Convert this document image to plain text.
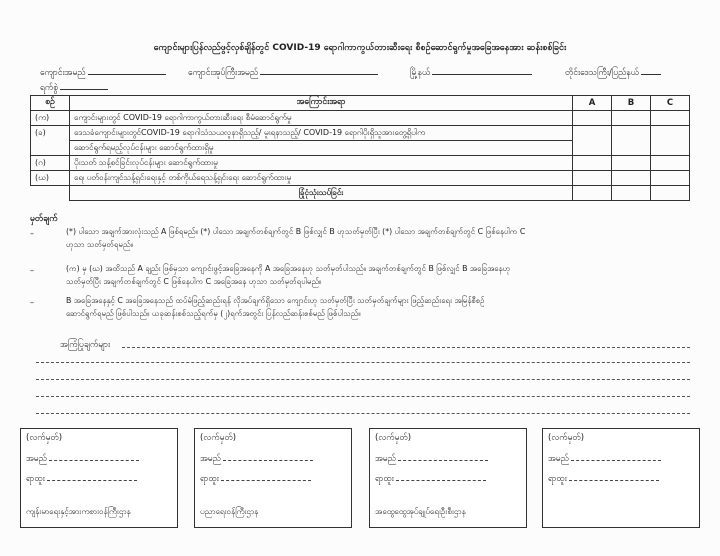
ကျောင်းများပြန်လည်ဖွင့်လှစ်ချိန်တွင် COVID-19 ရောဂါကာကွယ်တားဆီးရေး စီစဉ်ဆောင်ရွက်မှုအခြေအနေအား ဆန်းစစ်ခြင်း
ကျောင်းအမည်	ကျောင်းအုပ်ကြီးအမည်	မြို့နယ်	တိုင်းဒေသကြီး/ပြည်နယ်
ရက်စွဲ
စဉ်	အကြောင်းအရာ	A	B	C
(က)	ကျောင်းများတွင် COVID-19 ရောဂါကာကွယ်တားဆီးရေး စီမံဆောင်ရွက်မှု			
(ခ)	ဒေသခံကျောင်းများတွင်COVID-19 ရောဂါသံသယလူနာရှိသည့်/ မူးရနာသည့်/ COVID-19 ရောဂါပိုးရှိသူအားတွေ့ရှိပါက			
	ဆောင်ရွက်ရမည့်လုပ်ငန်းများ ဆောင်ရွက်ထားရှိမှု			
(ဂ)	ပိုးသတ် သန့်စင်ခြင်းလုပ်ငန်းများ ဆောင်ရွက်ထားမှု			
(ဃ)	ရေ၊ ပတ်ဝန်းကျင်သန့်ရှင်းရေးနှင့် တစ်ကိုယ်ရေသန့်ရှင်းရေး ဆောင်ရွက်ထားမှု			
	ခြုံငုံသုံးသပ်ခြင်း			
မှတ်ချက်
–	(*) ပါသော အချက်အားလုံးသည် A ဖြစ်ရမည်။ (*) ပါသော အချက်တစ်ချက်တွင် B ဖြစ်လျှင် B ဟုသတ်မှတ်ပြီး (*) ပါသော အချက်တစ်ချက်တွင် C ဖြစ်နေပါက C
ဟုသာ သတ်မှတ်ရမည်။
–	(က) မှ (ဃ) အထိသည် A ချည်း ဖြစ်မှသာ ကျောင်းဖွင့်အခြေအနေကို A အခြေအနေဟု သတ်မှတ်ပါသည်။ အချက်တစ်ချက်တွင် B ဖြစ်လျှင် B အခြေအနေဟု
သတ်မှတ်ပြီး အချက်တစ်ချက်တွင် C ဖြစ်နေပါက C အခြေအနေ ဟုသာ သတ်မှတ်ရပါမည်။
–	B အခြေအနေနှင့် C အခြေအနေသည် ထပ်မံဖြည့်ဆည်းရန် လိုအပ်ချက်ရှိသော ကျောင်းဟု သတ်မှတ်ပြီး သတ်မှတ်ချက်များ ဖြည့်ဆည်းရေး အမြန်စီစဉ်
ဆောင်ရွက်ရမည် ဖြစ်ပါသည်။ ယခုဆန်းစစ်သည့်ရက်မှ (၂)ရက်အတွင်း ပြန်လည်ဆန်းစစ်မည် ဖြစ်ပါသည်။
အကြံပြုချက်များ
(လက်မှတ်)
အမည်
ရာထူး
ကျန်းမာရေးနှင့်အားကစားဝန်ကြီးဌာန
(လက်မှတ်)
အမည်
ရာထူး
ပညာရေးဝန်ကြီးဌာန
(လက်မှတ်)
အမည်
ရာထူး
အထွေထွေအုပ်ချုပ်ရေးဦးစီးဌာန
(လက်မှတ်)
အမည်
ရာထူး
